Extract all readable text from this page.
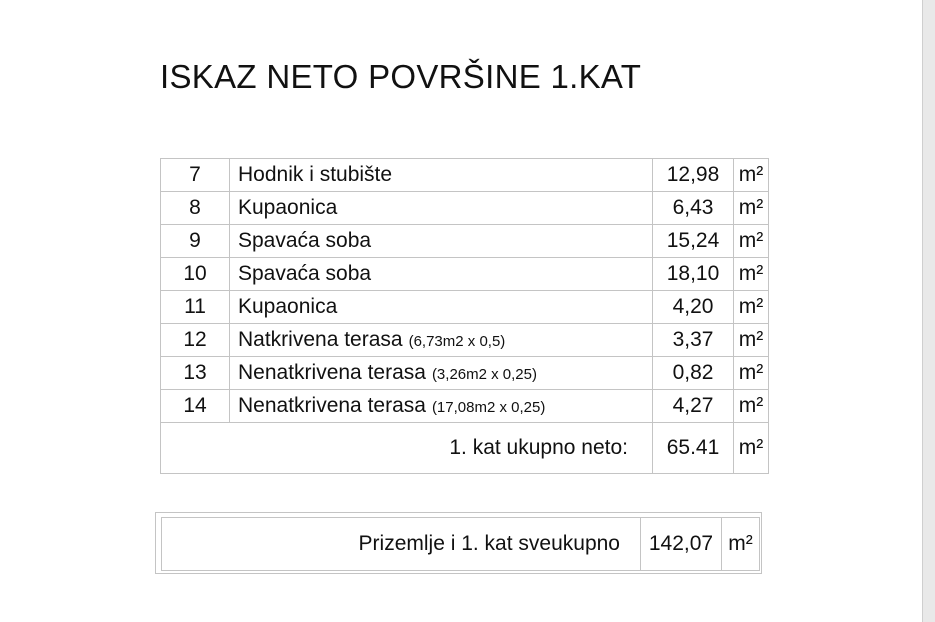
ISKAZ NETO POVRŠINE 1.KAT
7	Hodnik i stubište	12,98	m²
8	Kupaonica	6,43	m²
9	Spavaća soba	15,24	m²
10	Spavaća soba	18,10	m²
11	Kupaonica	4,20	m²
12	Natkrivena terasa (6,73m2 x 0,5)	3,37	m²
13	Nenatkrivena terasa (3,26m2 x 0,25)	0,82	m²
14	Nenatkrivena terasa (17,08m2 x 0,25)	4,27	m²
1. kat ukupno neto:		65.41	m²
Prizemlje i 1. kat sveukupno	142,07	m²
